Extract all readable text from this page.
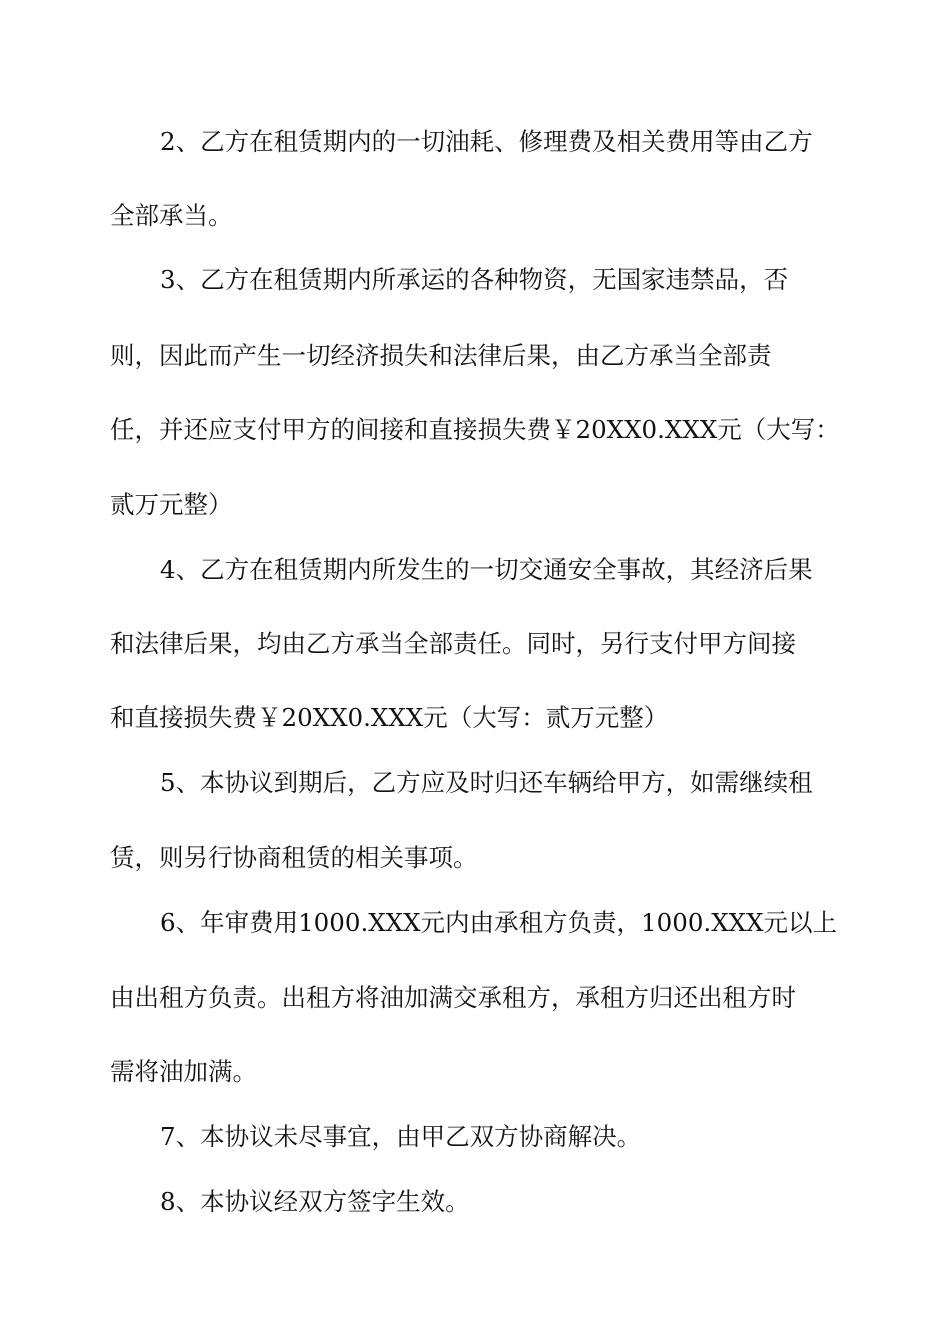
2、乙方在租赁期内的一切油耗、修理费及相关费用等由乙方
全部承当。
3、乙方在租赁期内所承运的各种物资，无国家违禁品，否
则，因此而产生一切经济损失和法律后果，由乙方承当全部责
任，并还应支付甲方的间接和直接损失费￥20XX0.XXX元（大写：
贰万元整）
4、乙方在租赁期内所发生的一切交通安全事故，其经济后果
和法律后果，均由乙方承当全部责任。同时，另行支付甲方间接
和直接损失费￥20XX0.XXX元（大写：贰万元整）
5、本协议到期后，乙方应及时归还车辆给甲方，如需继续租
赁，则另行协商租赁的相关事项。
6、年审费用1000.XXX元内由承租方负责，1000.XXX元以上
由出租方负责。出租方将油加满交承租方，承租方归还出租方时
需将油加满。
7、本协议未尽事宜，由甲乙双方协商解决。
8、本协议经双方签字生效。
